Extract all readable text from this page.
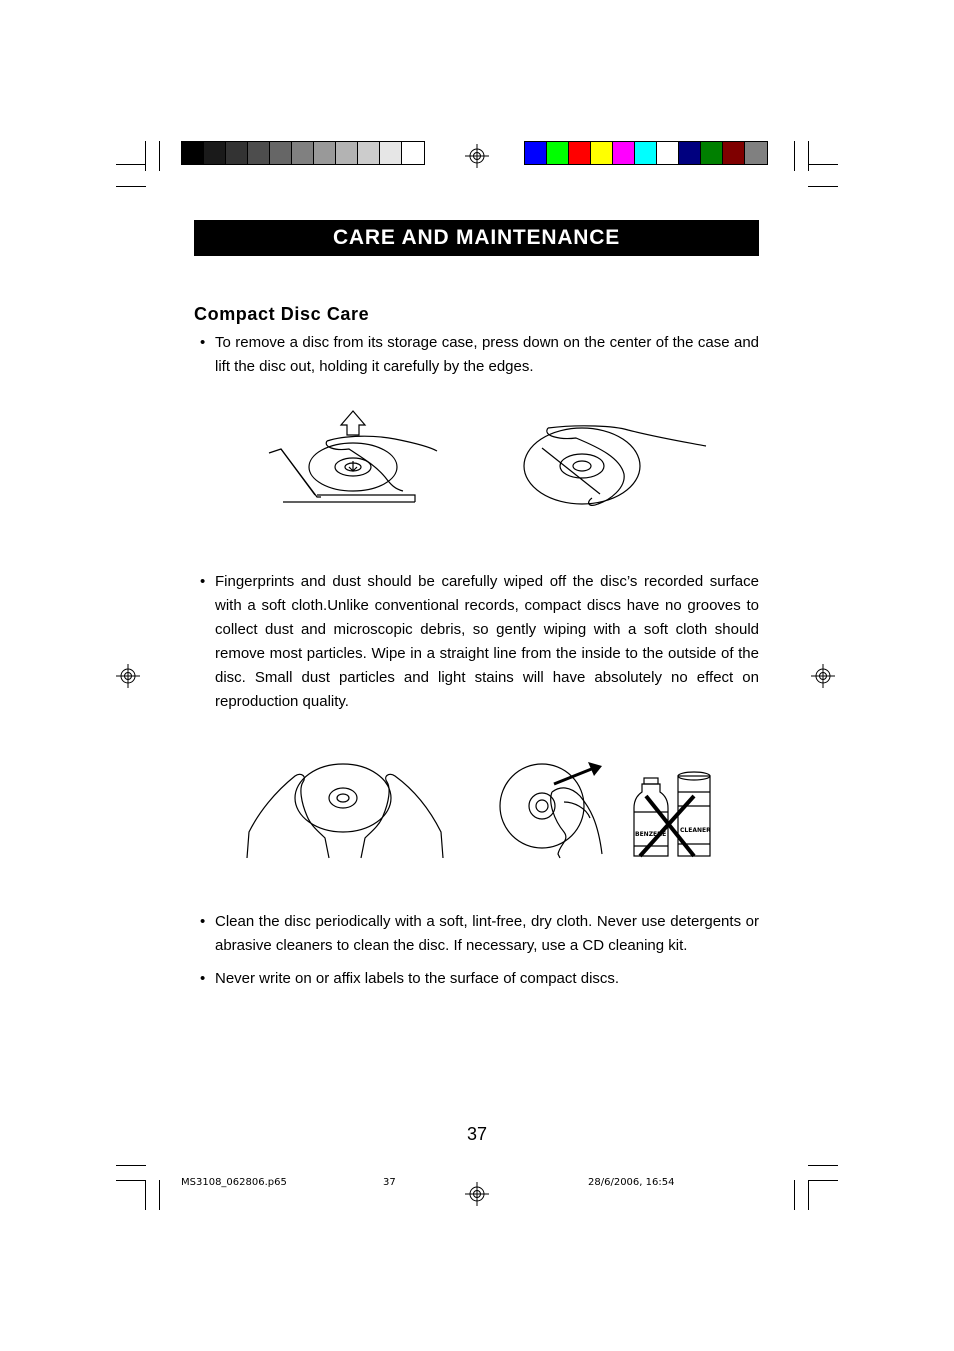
CARE AND MAINTENANCE
Compact Disc Care
• To remove a disc from its storage case, press down on the center of the case and lift the disc out, holding it carefully by the edges.
• Fingerprints and dust should be carefully wiped off the disc’s recorded surface with a soft cloth.Unlike conventional records, compact discs have no grooves to collect dust and microscopic debris, so gently wiping with a soft cloth should remove most particles. Wipe in a straight line from the inside to the outside of the disc. Small dust particles and light stains will have absolutely no effect on reproduction quality.
BENZENE
CLEANER
• Clean the disc periodically with a soft, lint-free, dry cloth. Never use detergents or abrasive cleaners to clean the disc. If necessary, use a CD cleaning kit.
• Never write on or affix labels to the surface of compact discs.
37
MS3108_062806.p65	37	28/6/2006, 16:54
